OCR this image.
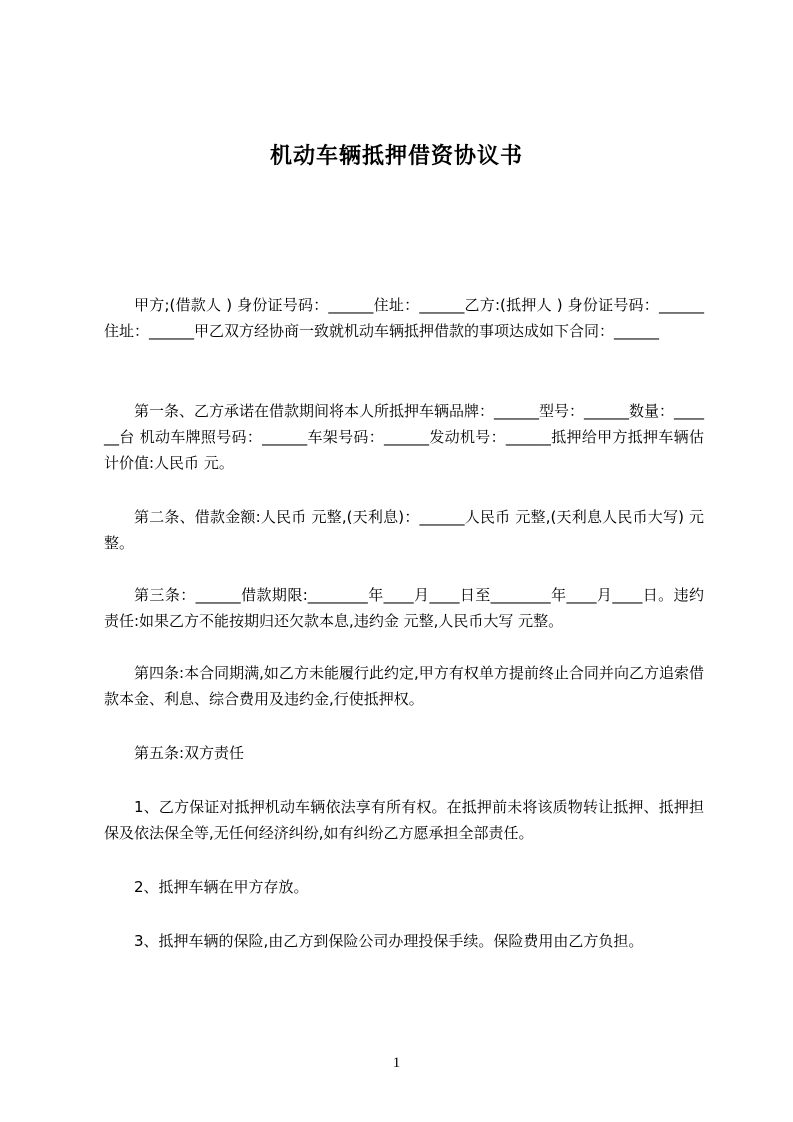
机动车辆抵押借资协议书

甲方;(借款人 ) 身份证号码：______住址：______乙方:(抵押人 ) 身份证号码：______住址：______甲乙双方经协商一致就机动车辆抵押借款的事项达成如下合同：______

第一条、乙方承诺在借款期间将本人所抵押车辆品牌：______型号：______数量：______台 机动车牌照号码：______车架号码：______发动机号：______抵押给甲方抵押车辆估计价值:人民币 元。

第二条、借款金额:人民币 元整,(天利息)：______人民币 元整,(天利息人民币大写) 元整。

第三条：______借款期限:________年____月____日至________年____月____日。违约责任:如果乙方不能按期归还欠款本息,违约金 元整,人民币大写 元整。

第四条:本合同期满,如乙方未能履行此约定,甲方有权单方提前终止合同并向乙方追索借款本金、利息、综合费用及违约金,行使抵押权。

第五条:双方责任

1、乙方保证对抵押机动车辆依法享有所有权。在抵押前未将该质物转让抵押、抵押担保及依法保全等,无任何经济纠纷,如有纠纷乙方愿承担全部责任。

2、抵押车辆在甲方存放。

3、抵押车辆的保险,由乙方到保险公司办理投保手续。保险费用由乙方负担。

1
